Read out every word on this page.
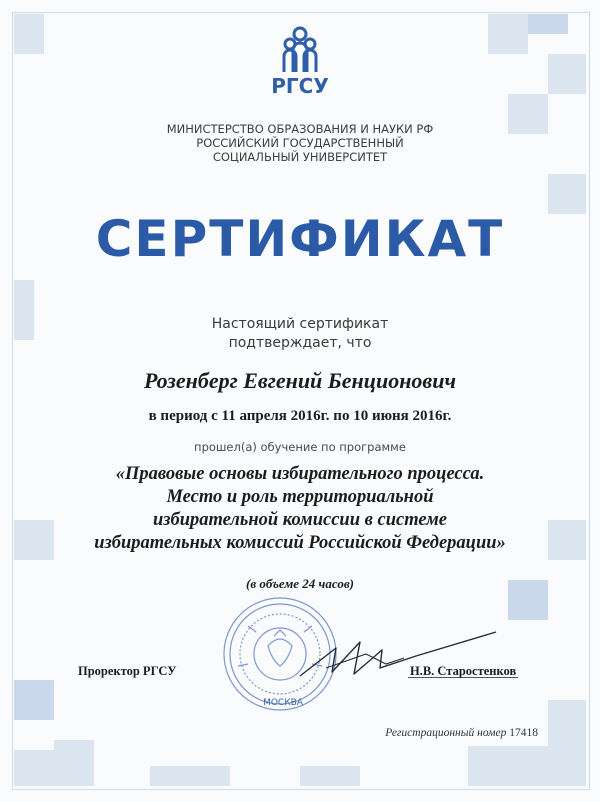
РГСУ
МИНИСТЕРСТВО ОБРАЗОВАНИЯ И НАУКИ РФ
РОССИЙСКИЙ ГОСУДАРСТВЕННЫЙ
СОЦИАЛЬНЫЙ УНИВЕРСИТЕТ
СЕРТИФИКАТ
Настоящий сертификат
подтверждает, что
Розенберг Евгений Бенционович
в период с 11 апреля 2016г. по 10 июня 2016г.
прошел(а) обучение по программе
«Правовые основы избирательного процесса.
Место и роль территориальной
избирательной комиссии в системе
избирательных комиссий Российской Федерации»
(в объеме 24 часов)
МОСКВА
Проректор РГСУ	Н.В. Старостенков
Регистрационный номер 17418
